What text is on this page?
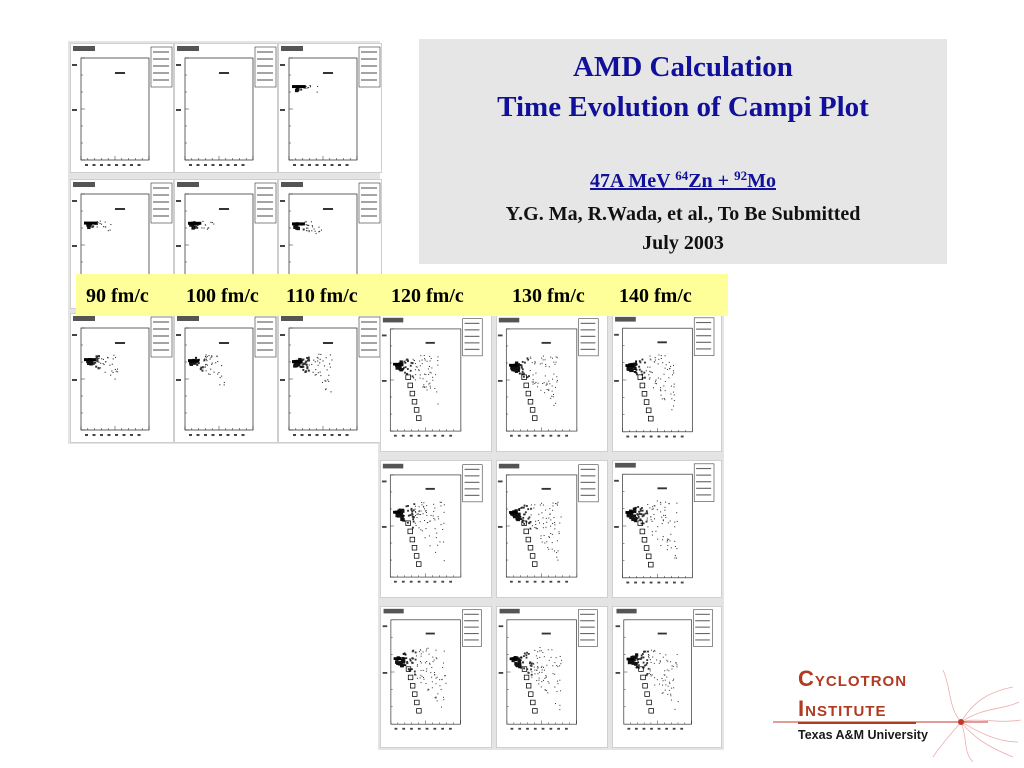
AMD Calculation
Time Evolution of Campi Plot
47A MeV $^{64}$Zn + $^{92}$Mo
Y.G. Ma, R.Wada, et al., To Be Submitted
July 2003
90 fm/c	100 fm/c	110 fm/c	120 fm/c	130 fm/c	140 fm/c
Cyclotron
Institute
Texas A&M University
